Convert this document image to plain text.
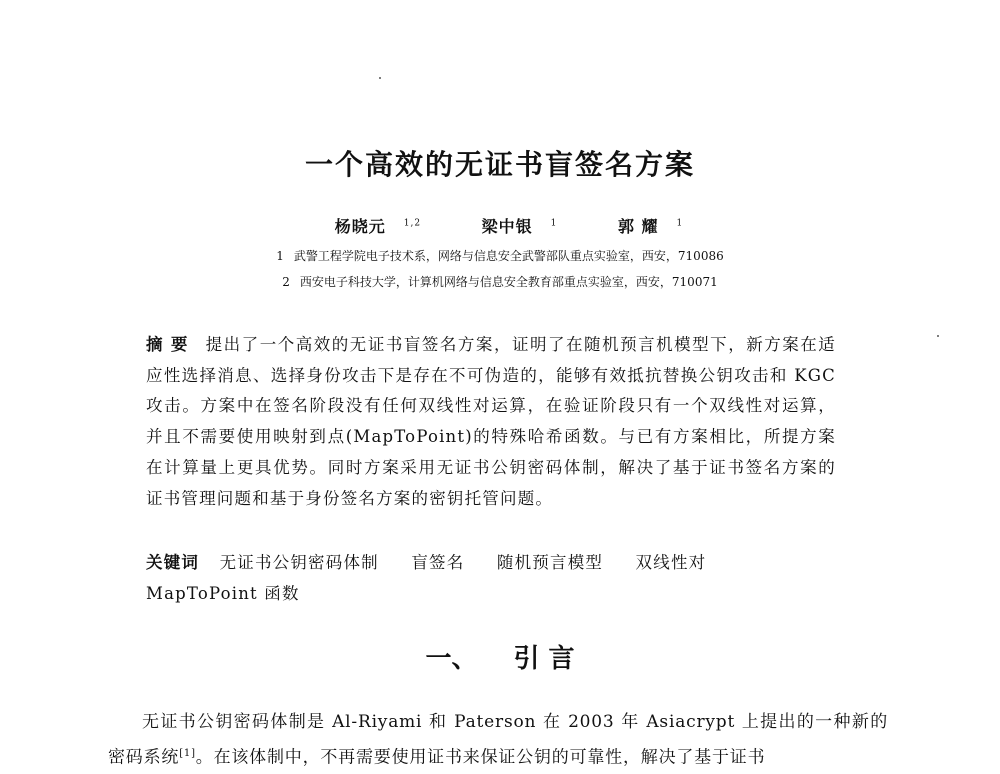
一个高效的无证书盲签名方案
杨晓元 $^{1,2}$	梁中银 $^1$	郭 耀 $^1$
1 武警工程学院电子技术系，网络与信息安全武警部队重点实验室，西安，710086
2 西安电子科技大学，计算机网络与信息安全教育部重点实验室，西安，710071
摘要 提出了一个高效的无证书盲签名方案，证明了在随机预言机模型下，新方案在适应性选择消息、选择身份攻击下是存在不可伪造的，能够有效抵抗替换公钥攻击和 KGC 攻击。方案中在签名阶段没有任何双线性对运算，在验证阶段只有一个双线性对运算，并且不需要使用映射到点(MapToPoint)的特殊哈希函数。与已有方案相比，所提方案在计算量上更具优势。同时方案采用无证书公钥密码体制，解决了基于证书签名方案的证书管理问题和基于身份签名方案的密钥托管问题。
关键词 无证书公钥密码体制 盲签名 随机预言模型 双线性对 MapToPoint 函数
一、 引 言
无证书公钥密码体制是 Al-Riyami 和 Paterson 在 2003 年 Asiacrypt 上提出的一种新的密码系统[1]。在该体制中，不再需要使用证书来保证公钥的可靠性，解决了基于证书
